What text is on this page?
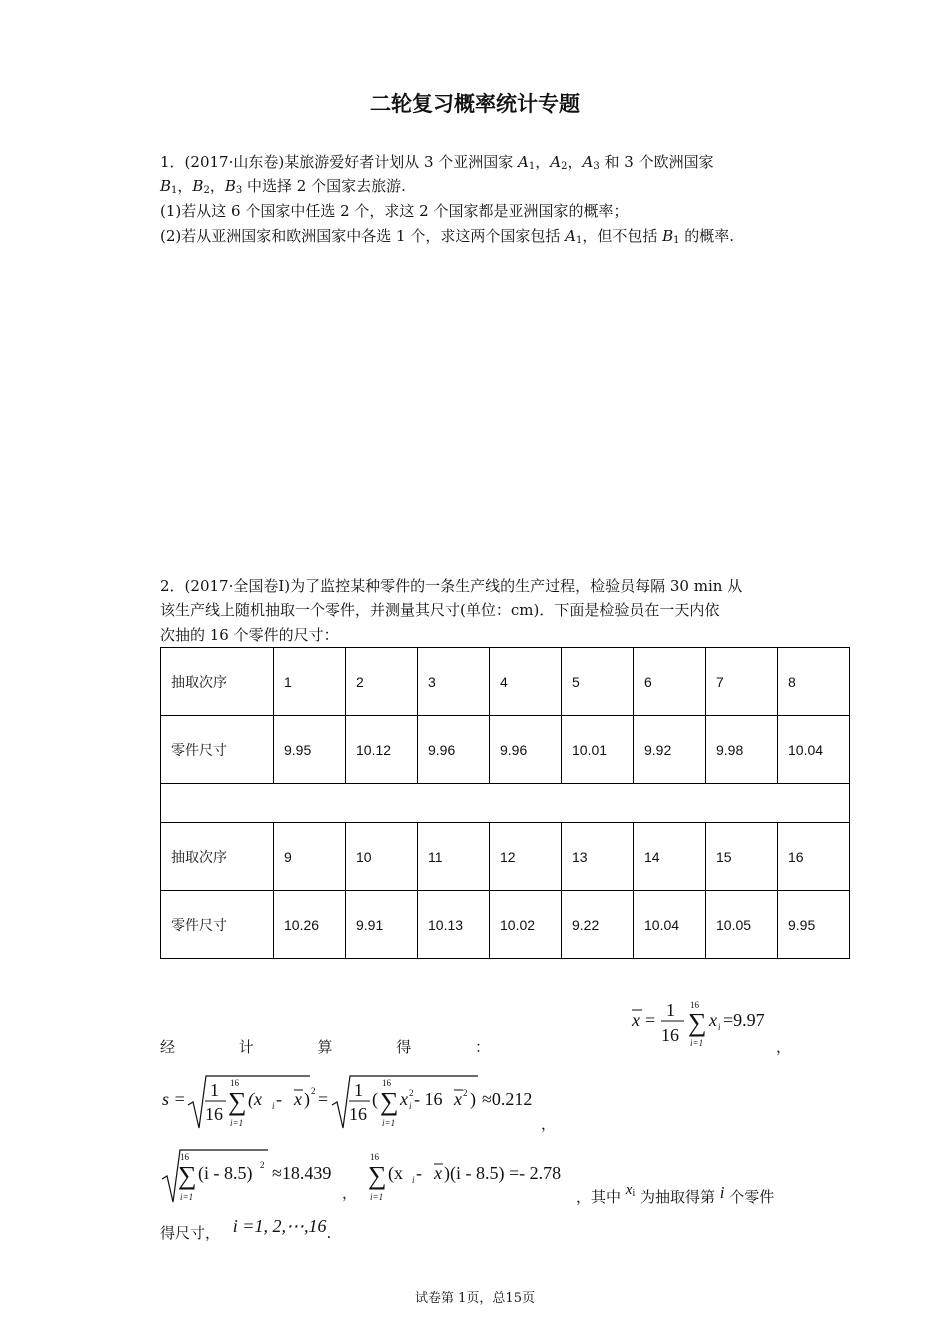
二轮复习概率统计专题
1．(2017·山东卷)某旅游爱好者计划从 3 个亚洲国家 $A_1$，$A_2$，$A_3$ 和 3 个欧洲国家
$B_1$，$B_2$，$B_3$ 中选择 2 个国家去旅游.
(1)若从这 6 个国家中任选 2 个，求这 2 个国家都是亚洲国家的概率；
(2)若从亚洲国家和欧洲国家中各选 1 个，求这两个国家包括 $A_1$，但不包括 $B_1$ 的概率.
2．(2017·全国卷Ⅰ)为了监控某种零件的一条生产线的生产过程，检验员每隔 30 min 从
该生产线上随机抽取一个零件，并测量其尺寸(单位：cm)．下面是检验员在一天内依
次抽的 16 个零件的尺寸：
抽取次序	1	2	3	4	5	6	7	8
零件尺寸	9.95	10.12	9.96	9.96	10.01	9.92	9.98	10.04

抽取次序	9	10	11	12	13	14	15	16
零件尺寸	10.26	9.91	10.13	10.02	9.22	10.04	10.05	9.95
经	计	算	得	：
x = 1
16 ∑
16
i=1
x i =9.97
，
s = 1
16 ∑
16
i=1
(x i - x ) 2 = 1
16
( ∑
16
i=1
x 2
i - 16 x 2 ) ≈0.212
，
∑
16
i=1
(i - 8.5) 2 ≈18.439
，
∑
16
i=1
(x i - x )(i - 8.5) =- 2.78
，其中 $x_i$ 为抽取得第 i 个零件
得尺寸， i =1, 2,⋯,16.
试卷第 1页，总15页
